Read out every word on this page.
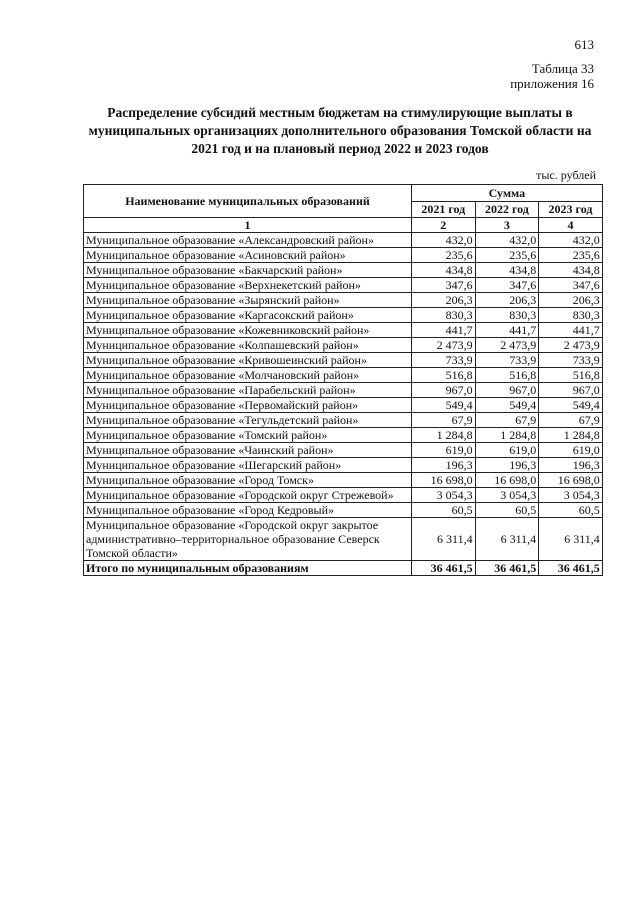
613
Таблица 33
приложения 16
Распределение субсидий местным бюджетам на стимулирующие выплаты в муниципальных организациях дополнительного образования Томской области на 2021 год и на плановый период 2022 и 2023 годов
тыс. рублей
Наименование муниципальных образований	Сумма		
	2021 год	2022 год	2023 год
1	2	3	4
Муниципальное образование «Александровский район»	432,0	432,0	432,0
Муниципальное образование «Асиновский район»	235,6	235,6	235,6
Муниципальное образование «Бакчарский район»	434,8	434,8	434,8
Муниципальное образование «Верхнекетский район»	347,6	347,6	347,6
Муниципальное образование «Зырянский район»	206,3	206,3	206,3
Муниципальное образование «Каргасокский район»	830,3	830,3	830,3
Муниципальное образование «Кожевниковский район»	441,7	441,7	441,7
Муниципальное образование «Колпашевский район»	2 473,9	2 473,9	2 473,9
Муниципальное образование «Кривошеинский район»	733,9	733,9	733,9
Муниципальное образование «Молчановский район»	516,8	516,8	516,8
Муниципальное образование «Парабельский район»	967,0	967,0	967,0
Муниципальное образование «Первомайский район»	549,4	549,4	549,4
Муниципальное образование «Тегульдетский район»	67,9	67,9	67,9
Муниципальное образование «Томский район»	1 284,8	1 284,8	1 284,8
Муниципальное образование «Чаинский район»	619,0	619,0	619,0
Муниципальное образование «Шегарский район»	196,3	196,3	196,3
Муниципальное образование «Город Томск»	16 698,0	16 698,0	16 698,0
Муниципальное образование «Городской округ Стрежевой»	3 054,3	3 054,3	3 054,3
Муниципальное образование «Город Кедровый»	60,5	60,5	60,5
Муниципальное образование «Городской округ закрытое административно–территориальное образование Северск Томской области»	6 311,4	6 311,4	6 311,4
Итого по муниципальным образованиям	36 461,5	36 461,5	36 461,5
